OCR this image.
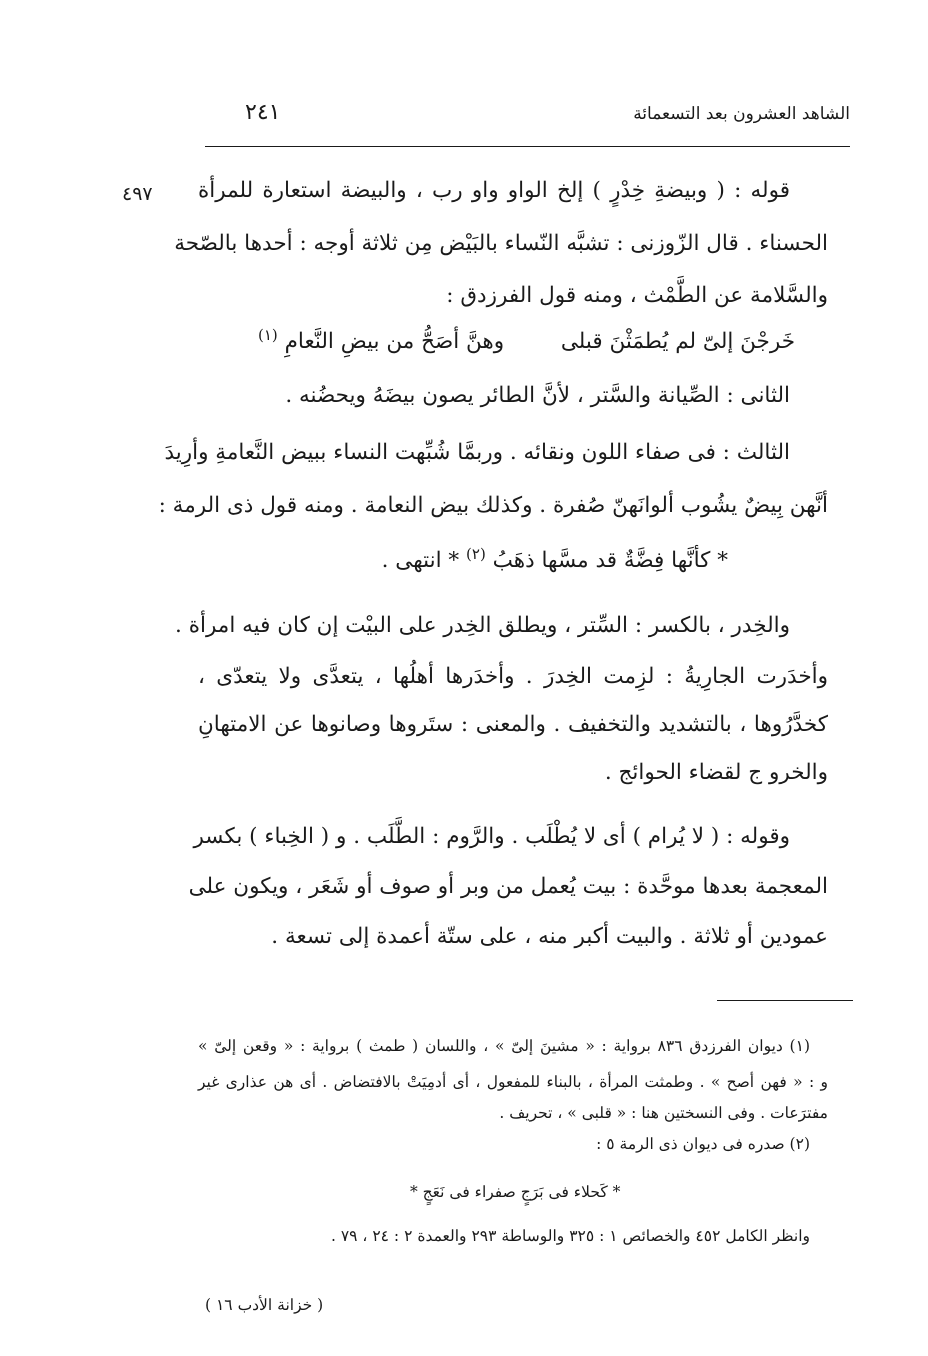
الشاهد العشرون بعد التسعمائة
٢٤١
٤٩٧ قوله : ( وبيضةِ خِدْرٍ ) إلخ الواو واو رب ، والبيضة استعارة للمرأة
الحسناء . قال الزّوزنى : تشبَّه النّساء بالبَيْض مِن ثلاثة أوجه : أحدها بالصّحة
والسَّلامة عن الطَّمْث ، ومنه قول الفرزدق :
خَرجْنَ إلىّ لم يُطمَثْنَ قبلى
وهنَّ أصَحُّ من بيضِ النَّعامِ $^{(١)}$
الثانى : الصِّيانة والسَّتر ، لأنَّ الطائر يصون بيضَهُ ويحضُنه .
الثالث : فى صفاء اللون ونقائه . وربمَّا شُبِّهت النساء ببيض النَّعامةِ وأرِيدَ
أنَّهن بِيضٌ يشُوب ألوانَهنّ صُفرة . وكذلك بيض النعامة . ومنه قول ذى الرمة :
* كأنَّها فِضَّةٌ قد مسَّها ذهَبُ $^{(٢)}$ * انتهى .
والخِدر ، بالكسر : السِّتر ، ويطلق الخِدر على البيْت إن كان فيه امرأة .
وأخدَرت الجارِيةُ : لزِمت الخِدرَ . وأخدَرها أهلُها ، يتعدَّى ولا يتعدّى ،
كخدَّرُوها ، بالتشديد والتخفيف . والمعنى : ستَروها وصانوها عن الامتهانِ
والخرو ج لقضاء الحوائج .
وقوله : ( لا يُرام ) أى لا يُطْلَب . والرَّوم : الطَّلَب . و ( الخِباء ) بكسر
المعجمة بعدها موحَّدة : بيت يُعمل من وبر أو صوف أو شَعَر ، ويكون على
عمودين أو ثلاثة . والبيت أكبر منه ، على ستّة أعمدة إلى تسعة .
(١) ديوان الفرزدق ٨٣٦ برواية : « مشينَ إلىّ » ، واللسان ( طمث ) برواية : « وقعن إلىّ »
و : « فهن أصح » . وطمثت المرأة ، بالبناء للمفعول ، أى أدمِيَتْ بالافتضاض . أى هن عذارى غير
مفترَعات . وفى النسختين هنا : « قلبى » ، تحريف .
(٢) صدره فى ديوان ذى الرمة ٥ :
* كَحلاء فى بَرَجٍ صفراء فى نَعَجٍ *
وانظر الكامل ٤٥٢ والخصائص ١ : ٣٢٥ والوساطة ٢٩٣ والعمدة ٢ : ٢٤ ، ٧٩ .
( خزانة الأدب ١٦ )
